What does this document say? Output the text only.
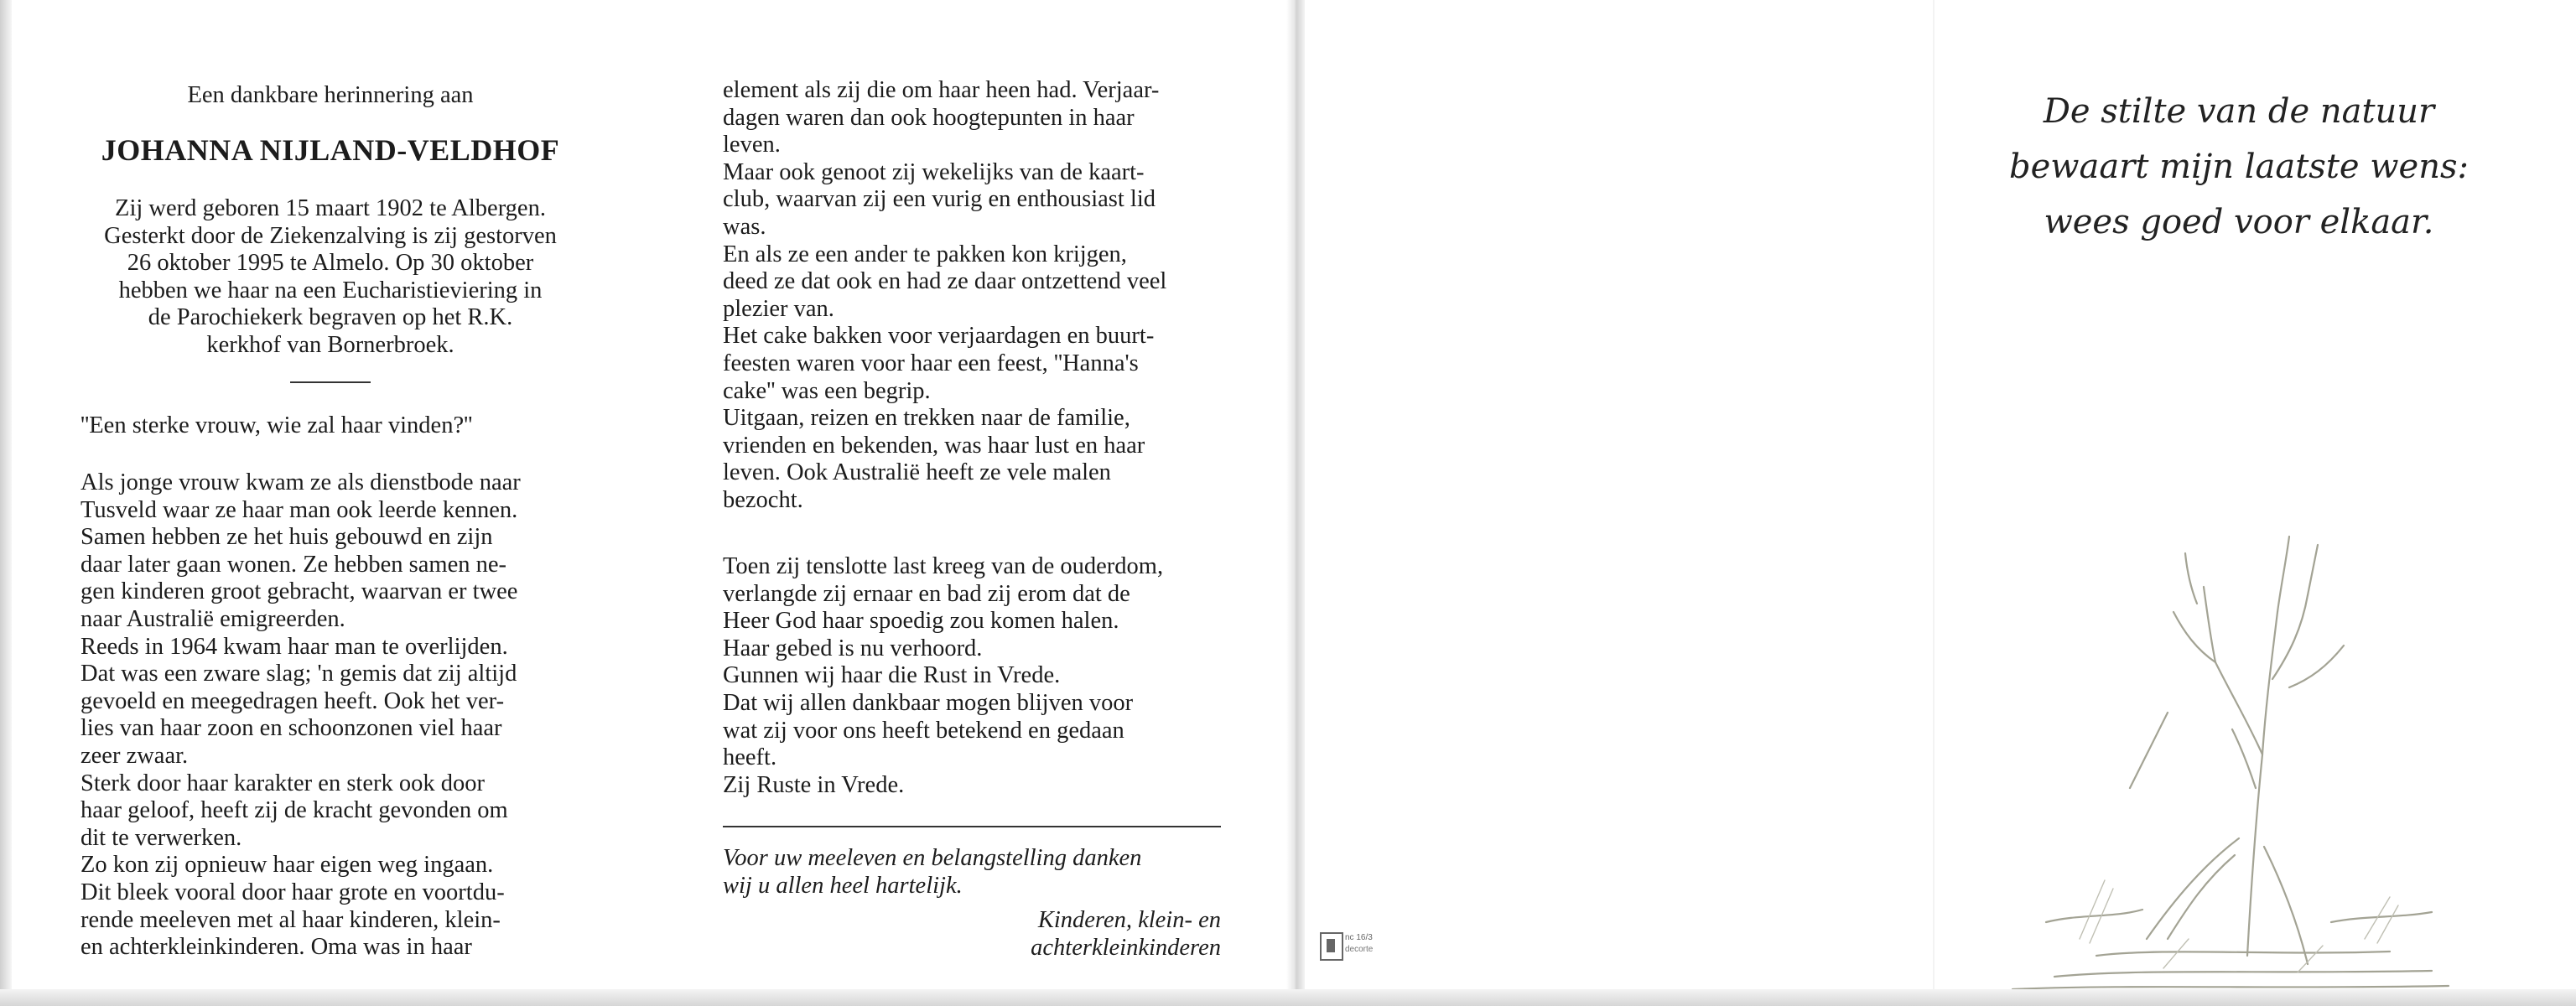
Een dankbare herinnering aan
JOHANNA NIJLAND-VELDHOF
Zij werd geboren 15 maart 1902 te Albergen.
Gesterkt door de Ziekenzalving is zij gestorven
26 oktober 1995 te Almelo. Op 30 oktober
hebben we haar na een Eucharistieviering in
de Parochiekerk begraven op het R.K.
kerkhof van Bornerbroek.
''Een sterke vrouw, wie zal haar vinden?''
Als jonge vrouw kwam ze als dienstbode naar
Tusveld waar ze haar man ook leerde kennen.
Samen hebben ze het huis gebouwd en zijn
daar later gaan wonen. Ze hebben samen ne-
gen kinderen groot gebracht, waarvan er twee
naar Australië emigreerden.
Reeds in 1964 kwam haar man te overlijden.
Dat was een zware slag; 'n gemis dat zij altijd
gevoeld en meegedragen heeft. Ook het ver-
lies van haar zoon en schoonzonen viel haar
zeer zwaar.
Sterk door haar karakter en sterk ook door
haar geloof, heeft zij de kracht gevonden om
dit te verwerken.
Zo kon zij opnieuw haar eigen weg ingaan.
Dit bleek vooral door haar grote en voortdu-
rende meeleven met al haar kinderen, klein-
en achterkleinkinderen. Oma was in haar
element als zij die om haar heen had. Verjaar-
dagen waren dan ook hoogtepunten in haar
leven.
Maar ook genoot zij wekelijks van de kaart-
club, waarvan zij een vurig en enthousiast lid
was.
En als ze een ander te pakken kon krijgen,
deed ze dat ook en had ze daar ontzettend veel
plezier van.
Het cake bakken voor verjaardagen en buurt-
feesten waren voor haar een feest, ''Hanna's
cake'' was een begrip.
Uitgaan, reizen en trekken naar de familie,
vrienden en bekenden, was haar lust en haar
leven. Ook Australië heeft ze vele malen
bezocht.
Toen zij tenslotte last kreeg van de ouderdom,
verlangde zij ernaar en bad zij erom dat de
Heer God haar spoedig zou komen halen.
Haar gebed is nu verhoord.
Gunnen wij haar die Rust in Vrede.
Dat wij allen dankbaar mogen blijven voor
wat zij voor ons heeft betekend en gedaan
heeft.
Zij Ruste in Vrede.
Voor uw meeleven en belangstelling danken
wij u allen heel hartelijk.
Kinderen, klein- en
achterkleinkinderen
De stilte van de natuur
bewaart mijn laatste wens:
wees goed voor elkaar.
nc 16/3
decorte
